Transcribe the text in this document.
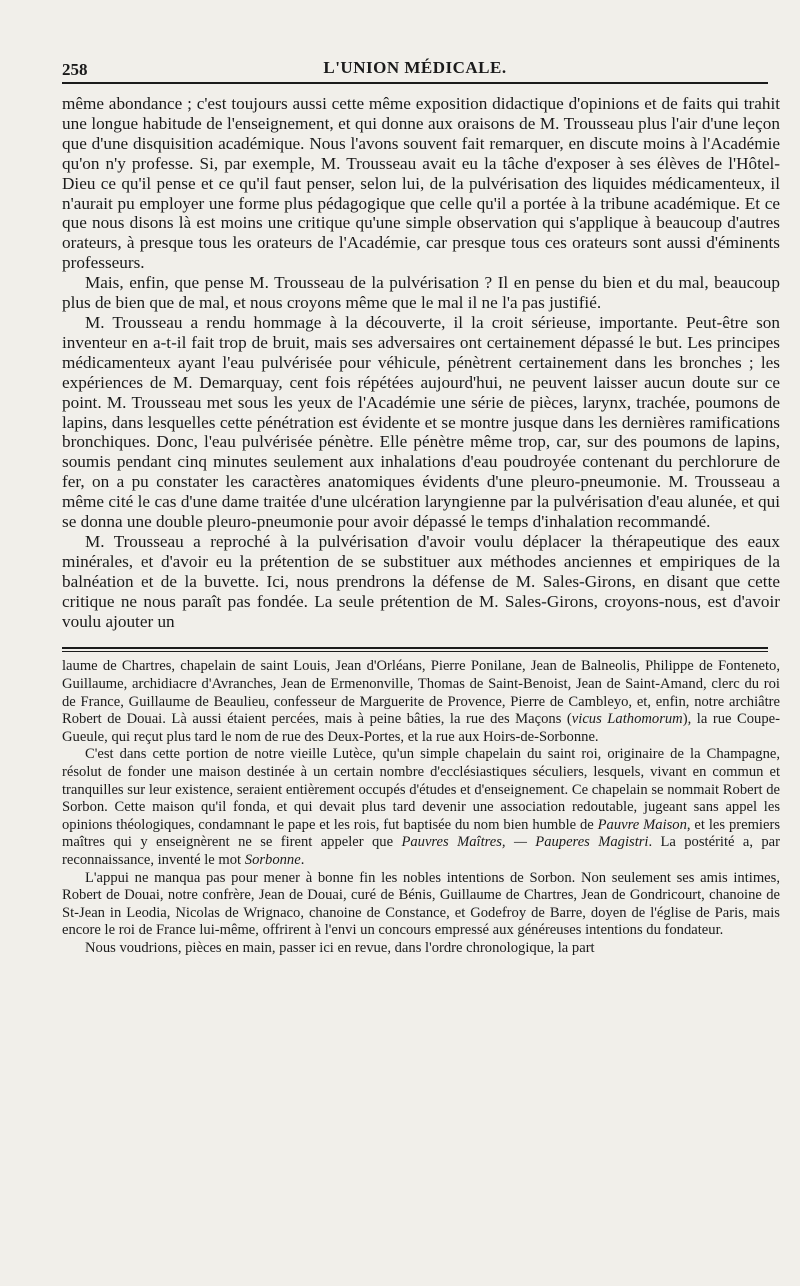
258	L'UNION MÉDICALE.

même abondance ; c'est toujours aussi cette même exposition didactique d'opinions et de faits qui trahit une longue habitude de l'enseignement, et qui donne aux oraisons de M. Trousseau plus l'air d'une leçon que d'une disquisition académique. Nous l'avons souvent fait remarquer, en discute moins à l'Académie qu'on n'y professe. Si, par exemple, M. Trousseau avait eu la tâche d'exposer à ses élèves de l'Hôtel-Dieu ce qu'il pense et ce qu'il faut penser, selon lui, de la pulvérisation des liquides médicamenteux, il n'aurait pu employer une forme plus pédagogique que celle qu'il a portée à la tribune académique. Et ce que nous disons là est moins une critique qu'une simple observation qui s'applique à beaucoup d'autres orateurs, à presque tous les orateurs de l'Académie, car presque tous ces orateurs sont aussi d'éminents professeurs.

Mais, enfin, que pense M. Trousseau de la pulvérisation ? Il en pense du bien et du mal, beaucoup plus de bien que de mal, et nous croyons même que le mal il ne l'a pas justifié.

M. Trousseau a rendu hommage à la découverte, il la croit sérieuse, importante. Peut-être son inventeur en a-t-il fait trop de bruit, mais ses adversaires ont certainement dépassé le but. Les principes médicamenteux ayant l'eau pulvérisée pour véhicule, pénètrent certainement dans les bronches ; les expériences de M. Demarquay, cent fois répétées aujourd'hui, ne peuvent laisser aucun doute sur ce point. M. Trousseau met sous les yeux de l'Académie une série de pièces, larynx, trachée, poumons de lapins, dans lesquelles cette pénétration est évidente et se montre jusque dans les dernières ramifications bronchiques. Donc, l'eau pulvérisée pénètre. Elle pénètre même trop, car, sur des poumons de lapins, soumis pendant cinq minutes seulement aux inhalations d'eau poudroyée contenant du perchlorure de fer, on a pu constater les caractères anatomiques évidents d'une pleuro-pneumonie. M. Trousseau a même cité le cas d'une dame traitée d'une ulcération laryngienne par la pulvérisation d'eau alunée, et qui se donna une double pleuro-pneumonie pour avoir dépassé le temps d'inhalation recommandé.

M. Trousseau a reproché à la pulvérisation d'avoir voulu déplacer la thérapeutique des eaux minérales, et d'avoir eu la prétention de se substituer aux méthodes anciennes et empiriques de la balnéation et de la buvette. Ici, nous prendrons la défense de M. Sales-Girons, en disant que cette critique ne nous paraît pas fondée. La seule prétention de M. Sales-Girons, croyons-nous, est d'avoir voulu ajouter un

laume de Chartres, chapelain de saint Louis, Jean d'Orléans, Pierre Ponilane, Jean de Balneolis, Philippe de Fonteneto, Guillaume, archidiacre d'Avranches, Jean de Ermenonville, Thomas de Saint-Benoist, Jean de Saint-Amand, clerc du roi de France, Guillaume de Beaulieu, confesseur de Marguerite de Provence, Pierre de Cambleyo, et, enfin, notre archiâtre Robert de Douai. Là aussi étaient percées, mais à peine bâties, la rue des Maçons (vicus Lathomorum), la rue Coupe-Gueule, qui reçut plus tard le nom de rue des Deux-Portes, et la rue aux Hoirs-de-Sorbonne.

C'est dans cette portion de notre vieille Lutèce, qu'un simple chapelain du saint roi, originaire de la Champagne, résolut de fonder une maison destinée à un certain nombre d'ecclésiastiques séculiers, lesquels, vivant en commun et tranquilles sur leur existence, seraient entièrement occupés d'études et d'enseignement. Ce chapelain se nommait Robert de Sorbon. Cette maison qu'il fonda, et qui devait plus tard devenir une association redoutable, jugeant sans appel les opinions théologiques, condamnant le pape et les rois, fut baptisée du nom bien humble de Pauvre Maison, et les premiers maîtres qui y enseignèrent ne se firent appeler que Pauvres Maîtres, — Pauperes Magistri. La postérité a, par reconnaissance, inventé le mot Sorbonne.

L'appui ne manqua pas pour mener à bonne fin les nobles intentions de Sorbon. Non seulement ses amis intimes, Robert de Douai, notre confrère, Jean de Douai, curé de Bénis, Guillaume de Chartres, Jean de Gondricourt, chanoine de St-Jean in Leodia, Nicolas de Wrignaco, chanoine de Constance, et Godefroy de Barre, doyen de l'église de Paris, mais encore le roi de France lui-même, offrirent à l'envi un concours empressé aux généreuses intentions du fondateur.

Nous voudrions, pièces en main, passer ici en revue, dans l'ordre chronologique, la part
